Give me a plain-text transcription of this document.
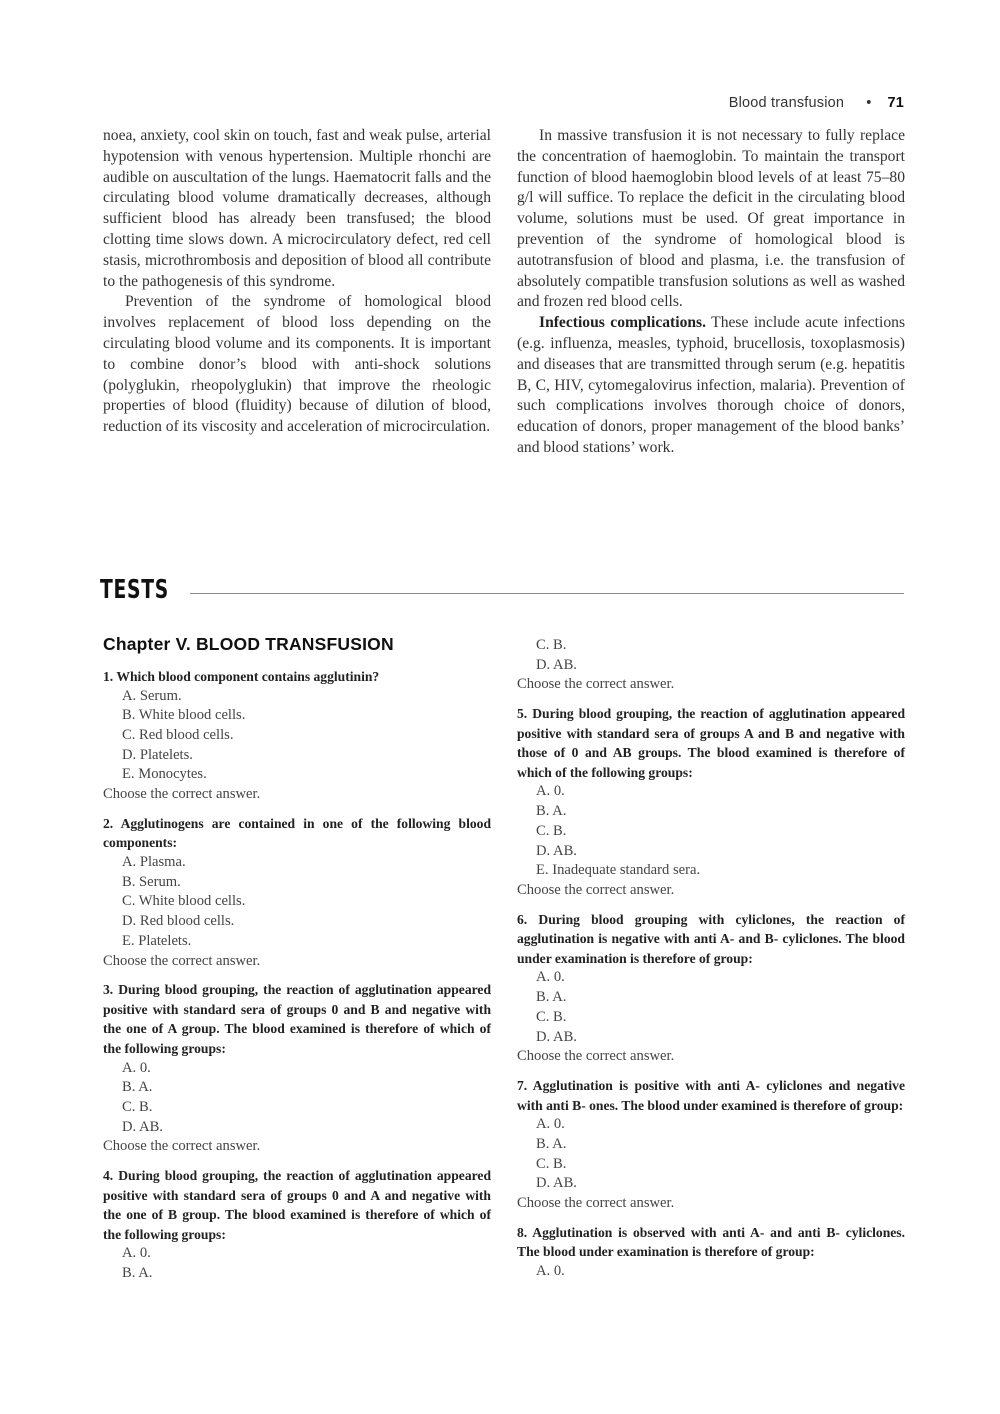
Blood transfusion • 71

noea, anxiety, cool skin on touch, fast and weak pulse, arterial hypotension with venous hypertension. Multiple rhonchi are audible on auscultation of the lungs. Haematocrit falls and the circulating blood volume dramatically decreases, although sufficient blood has already been transfused; the blood clotting time slows down. A microcirculatory defect, red cell stasis, microthrombosis and deposition of blood all contribute to the pathogenesis of this syndrome.

Prevention of the syndrome of homological blood involves replacement of blood loss depending on the circulating blood volume and its components. It is important to combine donor’s blood with anti-shock solutions (polyglukin, rheopolyglukin) that improve the rheologic properties of blood (fluidity) because of dilution of blood, reduction of its viscosity and acceleration of microcirculation.

In massive transfusion it is not necessary to fully replace the concentration of haemoglobin. To maintain the transport function of blood haemoglobin blood levels of at least 75–80 g/l will suffice. To replace the deficit in the circulating blood volume, solutions must be used. Of great importance in prevention of the syndrome of homological blood is autotransfusion of blood and plasma, i.e. the transfusion of absolutely compatible transfusion solutions as well as washed and frozen red blood cells.

Infectious complications. These include acute infections (e.g. influenza, measles, typhoid, brucellosis, toxoplasmosis) and diseases that are transmitted through serum (e.g. hepatitis B, C, HIV, cytomegalovirus infection, malaria). Prevention of such complications involves thorough choice of donors, education of donors, proper management of the blood banks’ and blood stations’ work.

TESTS
Chapter V. BLOOD TRANSFUSION

1. Which blood component contains agglutinin?

A. Serum.
B. White blood cells.
C. Red blood cells.
D. Platelets.
E. Monocytes.
Choose the correct answer.

2. Agglutinogens are contained in one of the following blood components:

A. Plasma.
B. Serum.
C. White blood cells.
D. Red blood cells.
E. Platelets.
Choose the correct answer.

3. During blood grouping, the reaction of agglutination appeared positive with standard sera of groups 0 and B and negative with the one of A group. The blood examined is therefore of which of the following groups:

A. 0.
B. A.
C. B.
D. AB.
Choose the correct answer.

4. During blood grouping, the reaction of agglutination appeared positive with standard sera of groups 0 and A and negative with the one of B group. The blood examined is therefore of which of the following groups:

A. 0.
B. A.
C. B.
D. AB.
Choose the correct answer.

5. During blood grouping, the reaction of agglutination appeared positive with standard sera of groups A and B and negative with those of 0 and AB groups. The blood examined is therefore of which of the following groups:

A. 0.
B. A.
C. B.
D. AB.
E. Inadequate standard sera.
Choose the correct answer.

6. During blood grouping with cyliclones, the reaction of agglutination is negative with anti A- and B- cyliclones. The blood under examination is therefore of group:

A. 0.
B. A.
C. B.
D. AB.
Choose the correct answer.

7. Agglutination is positive with anti A- cyliclones and negative with anti B- ones. The blood under examined is therefore of group:

A. 0.
B. A.
C. B.
D. AB.
Choose the correct answer.

8. Agglutination is observed with anti A- and anti B- cyliclones. The blood under examination is therefore of group:

A. 0.
